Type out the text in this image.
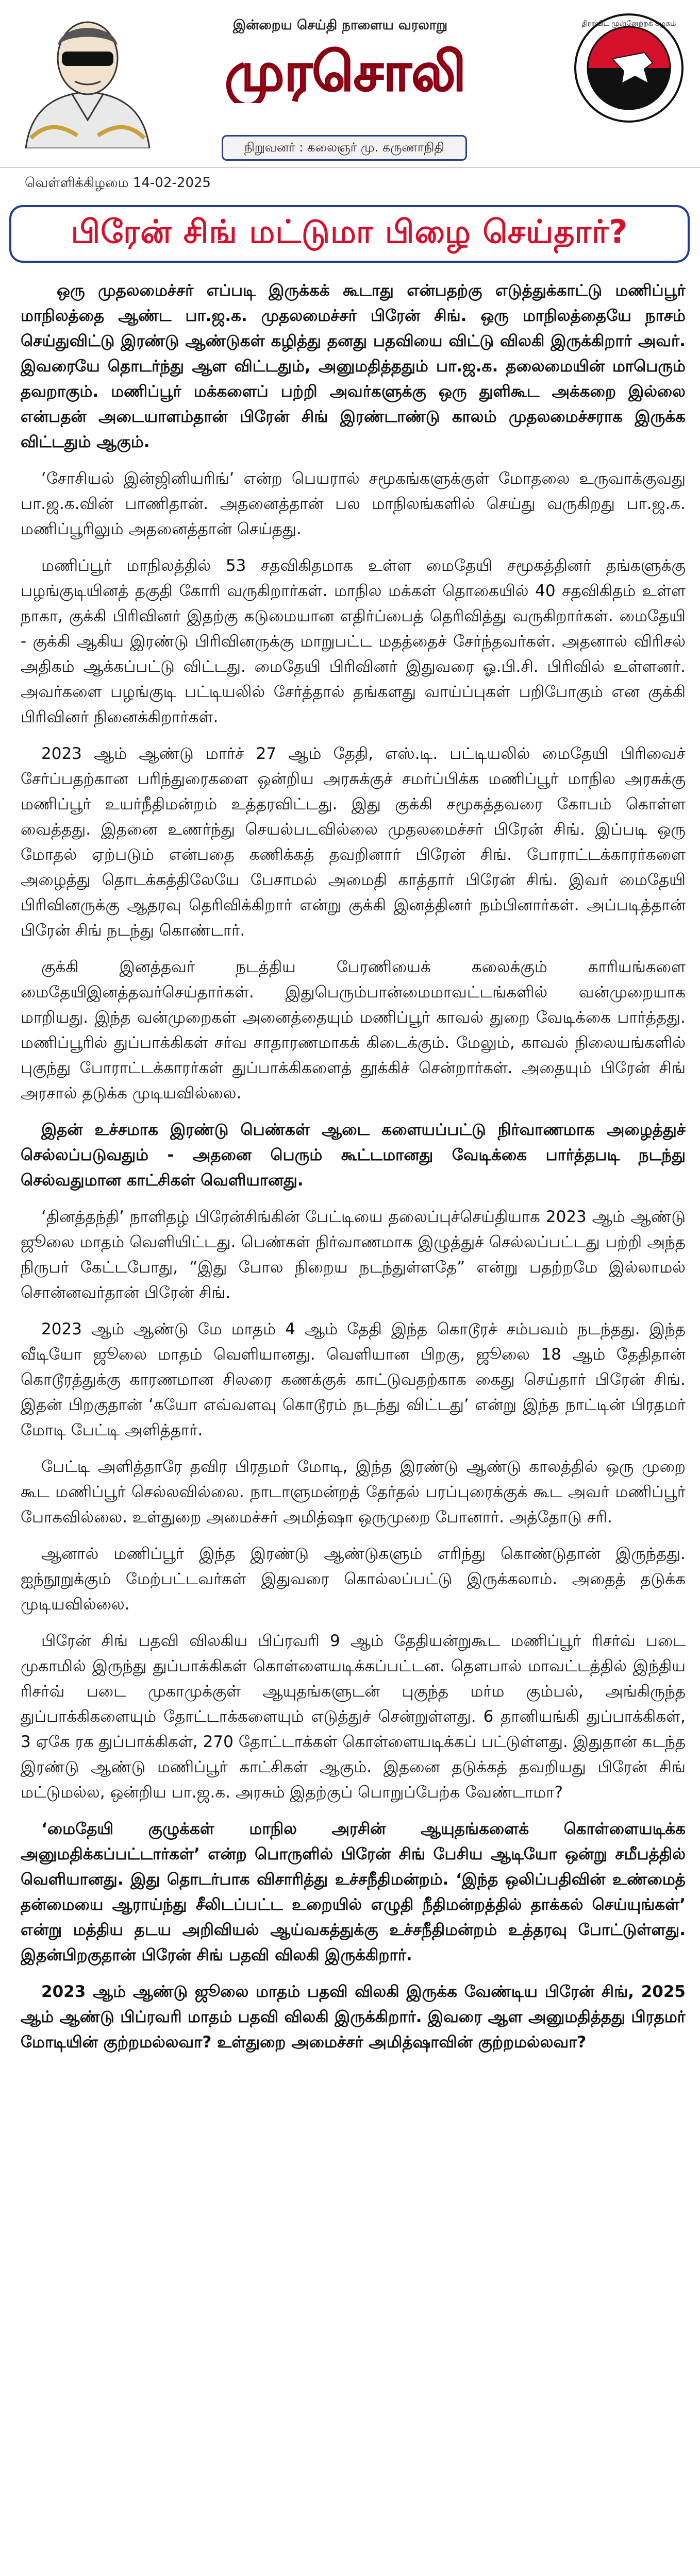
இன்றைய செய்தி நாளைய வரலாறு
முரசொலி
நிறுவனர் : கலைஞர் மு. கருணாநிதி
திராவிட முன்னேற்றக் கழகம்
வெள்ளிக்கிழமை 14-02-2025
பிரேன் சிங் மட்டுமா பிழை செய்தார்?

ஒரு முதலமைச்சர் எப்படி இருக்கக் கூடாது என்பதற்கு எடுத்துக்காட்டு மணிப்பூர் மாநிலத்தை ஆண்ட பா.ஜ.க. முதலமைச்சர் பிரேன் சிங். ஒரு மாநிலத்தையே நாசம் செய்துவிட்டு இரண்டு ஆண்டுகள் கழித்து தனது பதவியை விட்டு விலகி இருக்கிறார் அவர். இவரையே தொடர்ந்து ஆள விட்டதும், அனுமதித்ததும் பா.ஜ.க. தலைமையின் மாபெரும் தவறாகும். மணிப்பூர் மக்களைப் பற்றி அவர்களுக்கு ஒரு துளிகூட அக்கறை இல்லை என்பதன் அடையாளம்தான் பிரேன் சிங் இரண்டாண்டு காலம் முதலமைச்சராக இருக்க விட்டதும் ஆகும்.

‘சோசியல் இன்ஜினியரிங்’ என்ற பெயரால் சமூகங்களுக்குள் மோதலை உருவாக்குவது பா.ஜ.க.வின் பாணிதான். அதனைத்தான் பல மாநிலங்களில் செய்து வருகிறது பா.ஜ.க. மணிப்பூரிலும் அதனைத்தான் செய்தது.

மணிப்பூர் மாநிலத்தில் 53 சதவிகிதமாக உள்ள மைதேயி சமூகத்தினர் தங்களுக்கு பழங்குடியினத் தகுதி கோரி வருகிறார்கள். மாநில மக்கள் தொகையில் 40 சதவிகிதம் உள்ள நாகா, குக்கி பிரிவினர் இதற்கு கடுமையான எதிர்ப்பைத் தெரிவித்து வருகிறார்கள். மைதேயி - குக்கி ஆகிய இரண்டு பிரிவினருக்கு மாறுபட்ட மதத்தைச் சேர்ந்தவர்கள். அதனால் விரிசல் அதிகம் ஆக்கப்பட்டு விட்டது. மைதேயி பிரிவினர் இதுவரை ஓ.பி.சி. பிரிவில் உள்ளனர். அவர்களை பழங்குடி பட்டியலில் சேர்த்தால் தங்களது வாய்ப்புகள் பறிபோகும் என குக்கி பிரிவினர் நினைக்கிறார்கள்.

2023 ஆம் ஆண்டு மார்ச் 27 ஆம் தேதி, எஸ்.டி. பட்டியலில் மைதேயி பிரிவைச் சேர்ப்பதற்கான பரிந்துரைகளை ஒன்றிய அரசுக்குச் சமர்ப்பிக்க மணிப்பூர் மாநில அரசுக்கு மணிப்பூர் உயர்நீதிமன்றம் உத்தரவிட்டது. இது குக்கி சமூகத்தவரை கோபம் கொள்ள வைத்தது. இதனை உணர்ந்து செயல்படவில்லை முதலமைச்சர் பிரேன் சிங். இப்படி ஒரு மோதல் ஏற்படும் என்பதை கணிக்கத் தவறினார் பிரேன் சிங். போராட்டக்காரர்களை அழைத்து தொடக்கத்திலேயே பேசாமல் அமைதி காத்தார் பிரேன் சிங். இவர் மைதேயி பிரிவினருக்கு ஆதரவு தெரிவிக்கிறார் என்று குக்கி இனத்தினர் நம்பினார்கள். அப்படித்தான் பிரேன் சிங் நடந்து கொண்டார்.

குக்கி இனத்தவர் நடத்திய பேரணியைக் கலைக்கும் காரியங்களை மைதேயிஇனத்தவர்செய்தார்கள். இதுபெரும்பான்மைமாவட்டங்களில் வன்முறையாக மாறியது. இந்த வன்முறைகள் அனைத்தையும் மணிப்பூர் காவல் துறை வேடிக்கை பார்த்தது. மணிப்பூரில் துப்பாக்கிகள் சர்வ சாதாரணமாகக் கிடைக்கும். மேலும், காவல் நிலையங்களில் புகுந்து போராட்டக்காரர்கள் துப்பாக்கிகளைத் தூக்கிச் சென்றார்கள். அதையும் பிரேன் சிங் அரசால் தடுக்க முடியவில்லை.

இதன் உச்சமாக இரண்டு பெண்கள் ஆடை களையப்பட்டு நிர்வாணமாக அழைத்துச் செல்லப்படுவதும் - அதனை பெரும் கூட்டமானது வேடிக்கை பார்த்தபடி நடந்து செல்வதுமான காட்சிகள் வெளியானது.

‘தினத்தந்தி’ நாளிதழ் பிரேன்சிங்கின் பேட்டியை தலைப்புச்செய்தியாக 2023 ஆம் ஆண்டு ஜூலை மாதம் வெளியிட்டது. பெண்கள் நிர்வாணமாக இழுத்துச் செல்லப்பட்டது பற்றி அந்த நிருபர் கேட்டபோது, “இது போல நிறைய நடந்துள்ளதே” என்று பதற்றமே இல்லாமல் சொன்னவர்தான் பிரேன் சிங்.

2023 ஆம் ஆண்டு மே மாதம் 4 ஆம் தேதி இந்த கொடூரச் சம்பவம் நடந்தது. இந்த வீடியோ ஜூலை மாதம் வெளியானது. வெளியான பிறகு, ஜூலை 18 ஆம் தேதிதான் கொடூரத்துக்கு காரணமான சிலரை கணக்குக் காட்டுவதற்காக கைது செய்தார் பிரேன் சிங். இதன் பிறகுதான் ‘கயோ எவ்வளவு கொடூரம் நடந்து விட்டது’ என்று இந்த நாட்டின் பிரதமர் மோடி பேட்டி அளித்தார்.

பேட்டி அளித்தாரே தவிர பிரதமர் மோடி, இந்த இரண்டு ஆண்டு காலத்தில் ஒரு முறை கூட மணிப்பூர் செல்லவில்லை. நாடாளுமன்றத் தேர்தல் பரப்புரைக்குக் கூட அவர் மணிப்பூர் போகவில்லை. உள்துறை அமைச்சர் அமித்ஷா ஒருமுறை போனார். அத்தோடு சரி.

ஆனால் மணிப்பூர் இந்த இரண்டு ஆண்டுகளும் எரிந்து கொண்டுதான் இருந்தது. ஐந்நூறுக்கும் மேற்பட்டவர்கள் இதுவரை கொல்லப்பட்டு இருக்கலாம். அதைத் தடுக்க முடியவில்லை.

பிரேன் சிங் பதவி விலகிய பிப்ரவரி 9 ஆம் தேதியன்றுகூட மணிப்பூர் ரிசர்வ் படை முகாமில் இருந்து துப்பாக்கிகள் கொள்ளையடிக்கப்பட்டன. தௌபால் மாவட்டத்தில் இந்திய ரிசர்வ் படை முகாமுக்குள் ஆயுதங்களுடன் புகுந்த மர்ம கும்பல், அங்கிருந்த துப்பாக்கிகளையும் தோட்டாக்களையும் எடுத்துச் சென்றுள்ளது. 6 தானியங்கி துப்பாக்கிகள், 3 ஏகே ரக துப்பாக்கிகள், 270 தோட்டாக்கள் கொள்ளையடிக்கப் பட்டுள்ளது. இதுதான் கடந்த இரண்டு ஆண்டு மணிப்பூர் காட்சிகள் ஆகும். இதனை தடுக்கத் தவறியது பிரேன் சிங் மட்டுமல்ல, ஒன்றிய பா.ஜ.க. அரசும் இதற்குப் பொறுப்பேற்க வேண்டாமா?

‘மைதேயி குழுக்கள் மாநில அரசின் ஆயுதங்களைக் கொள்ளையடிக்க அனுமதிக்கப்பட்டார்கள்’ என்ற பொருளில் பிரேன் சிங் பேசிய ஆடியோ ஒன்று சமீபத்தில் வெளியானது. இது தொடர்பாக விசாரித்து உச்சநீதிமன்றம். ‘இந்த ஒலிப்பதிவின் உண்மைத் தன்மையை ஆராய்ந்து சீலிடப்பட்ட உறையில் எழுதி நீதிமன்றத்தில் தாக்கல் செய்யுங்கள்’ என்று மத்திய தடய அறிவியல் ஆய்வகத்துக்கு உச்சநீதிமன்றம் உத்தரவு போட்டுள்ளது. இதன்பிறகுதான் பிரேன் சிங் பதவி விலகி இருக்கிறார்.

2023 ஆம் ஆண்டு ஜூலை மாதம் பதவி விலகி இருக்க வேண்டிய பிரேன் சிங், 2025 ஆம் ஆண்டு பிப்ரவரி மாதம் பதவி விலகி இருக்கிறார். இவரை ஆள அனுமதித்தது பிரதமர் மோடியின் குற்றமல்லவா? உள்துறை அமைச்சர் அமித்ஷாவின் குற்றமல்லவா?
